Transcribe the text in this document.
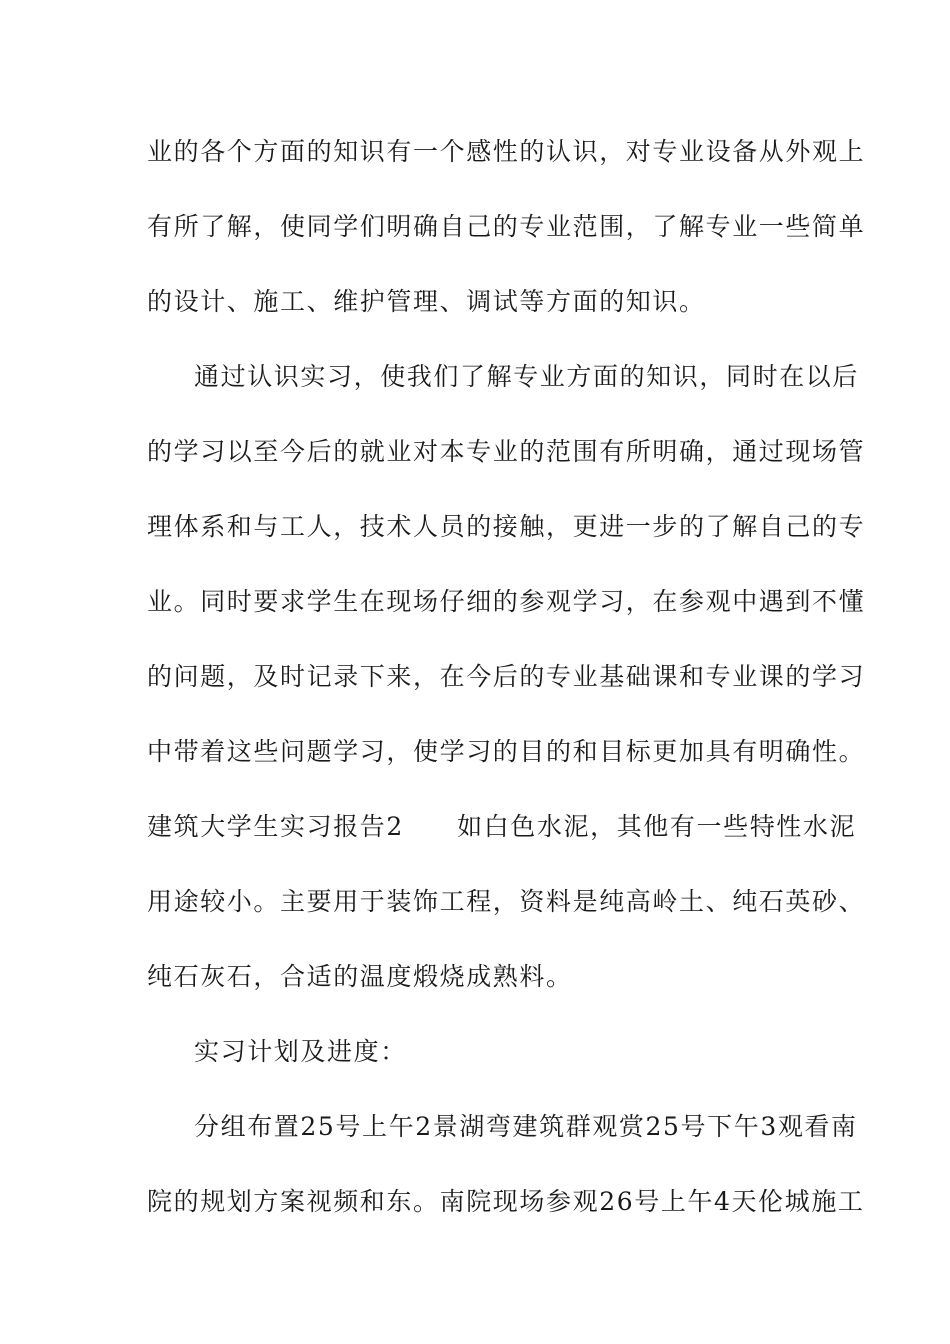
业的各个方面的知识有一个感性的认识，对专业设备从外观上
有所了解，使同学们明确自己的专业范围，了解专业一些简单
的设计、施工、维护管理、调试等方面的知识。
通过认识实习，使我们了解专业方面的知识，同时在以后
的学习以至今后的就业对本专业的范围有所明确，通过现场管
理体系和与工人，技术人员的接触，更进一步的了解自己的专
业。同时要求学生在现场仔细的参观学习，在参观中遇到不懂
的问题，及时记录下来，在今后的专业基础课和专业课的学习
中带着这些问题学习，使学习的目的和目标更加具有明确性。
建筑大学生实习报告2　　如白色水泥，其他有一些特性水泥
用途较小。主要用于装饰工程，资料是纯高岭土、纯石英砂、
纯石灰石，合适的温度煅烧成熟料。
实习计划及进度：
分组布置25号上午2景湖弯建筑群观赏25号下午3观看南
院的规划方案视频和东。南院现场参观26号上午4天伦城施工
